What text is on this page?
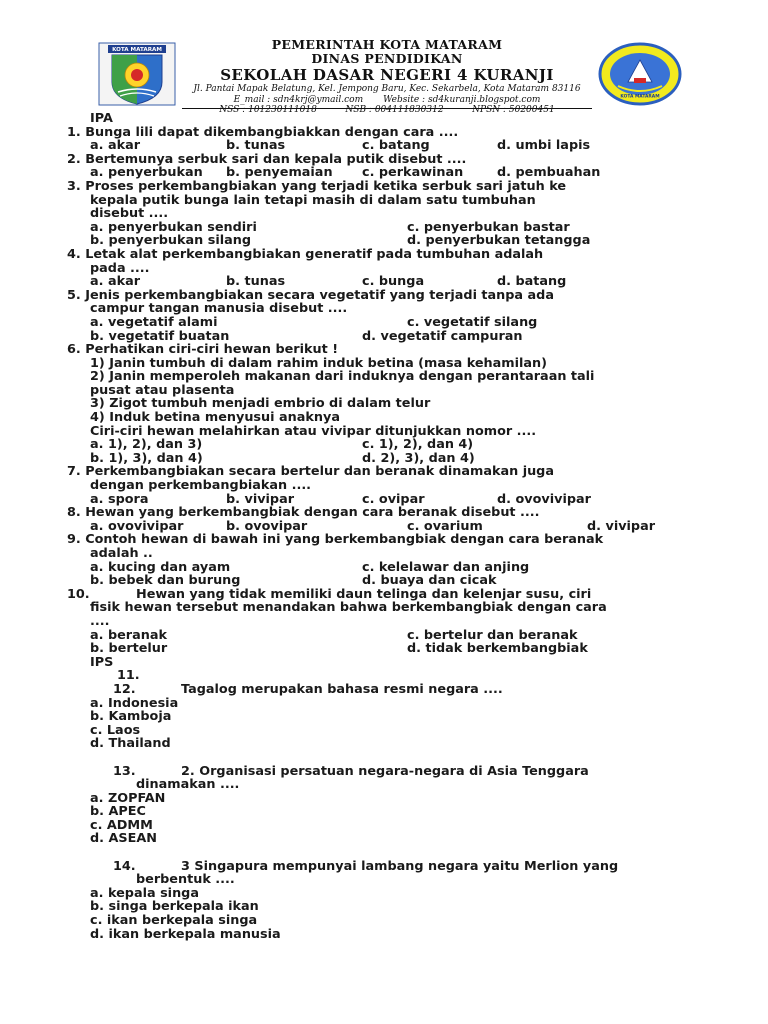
KOTA MATARAM	PEMERINTAH KOTA MATARAM
DINAS PENDIDIKAN
SEKOLAH DASAR NEGERI 4 KURANJI
Jl. Pantai Mapak Belatung, Kel. Jempong Baru, Kec. Sekarbela, Kota Mataram 83116
E_mail : sdn4krj@ymail.com Website : sd4kuranji.blogspot.com
NSS : 101230111018	NSB : 004111830312	NPSN : 50200451
KOTA MATARAM
IPA
1. Bunga lili dapat dikembangbiakkan dengan cara ....
a. akar	b. tunas	c. batang	d. umbi lapis
2. Bertemunya serbuk sari dan kepala putik disebut ....
a. penyerbukan b. penyemaian c. perkawinan	d. pembuahan
3. Proses perkembangbiakan yang terjadi ketika serbuk sari jatuh ke
kepala putik bunga lain tetapi masih di dalam satu tumbuhan
disebut ....
a. penyerbukan sendiri	c. penyerbukan bastar
b. penyerbukan silang	d. penyerbukan tetangga
4. Letak alat perkembangbiakan generatif pada tumbuhan adalah
pada ....
a. akar	b. tunas	c. bunga	d. batang
5. Jenis perkembangbiakan secara vegetatif yang terjadi tanpa ada
campur tangan manusia disebut ....
a. vegetatif alami	c. vegetatif silang
b. vegetatif buatan	d. vegetatif campuran
6. Perhatikan ciri-ciri hewan berikut !
1) Janin tumbuh di dalam rahim induk betina (masa kehamilan)
2) Janin memperoleh makanan dari induknya dengan perantaraan tali
pusat atau plasenta
3) Zigot tumbuh menjadi embrio di dalam telur
4) Induk betina menyusui anaknya
Ciri-ciri hewan melahirkan atau vivipar ditunjukkan nomor ....
a. 1), 2), dan 3)	c. 1), 2), dan 4)
b. 1), 3), dan 4)	d. 2), 3), dan 4)
7. Perkembangbiakan secara bertelur dan beranak dinamakan juga
dengan perkembangbiakan ....
a. spora	b. vivipar	c. ovipar	d. ovovivipar
8. Hewan yang berkembangbiak dengan cara beranak disebut ....
a. ovovivipar	b. ovovipar	c. ovarium	d. vivipar
9. Contoh hewan di bawah ini yang berkembangbiak dengan cara beranak
adalah ..
a. kucing dan ayam	c. kelelawar dan anjing
b. bebek dan burung	d. buaya dan cicak
10.	Hewan yang tidak memiliki daun telinga dan kelenjar susu, ciri
fisik hewan tersebut menandakan bahwa berkembangbiak dengan cara
....
a. beranak	c. bertelur dan beranak
b. bertelur	d. tidak berkembangbiak
IPS
11.
12.	Tagalog merupakan bahasa resmi negara ....
a. Indonesia
b. Kamboja
c. Laos
d. Thailand
13.	2. Organisasi persatuan negara-negara di Asia Tenggara
dinamakan ....
a. ZOPFAN
b. APEC
c. ADMM
d. ASEAN
14.	3 Singapura mempunyai lambang negara yaitu Merlion yang
berbentuk ....
a. kepala singa
b. singa berkepala ikan
c. ikan berkepala singa
d. ikan berkepala manusia
